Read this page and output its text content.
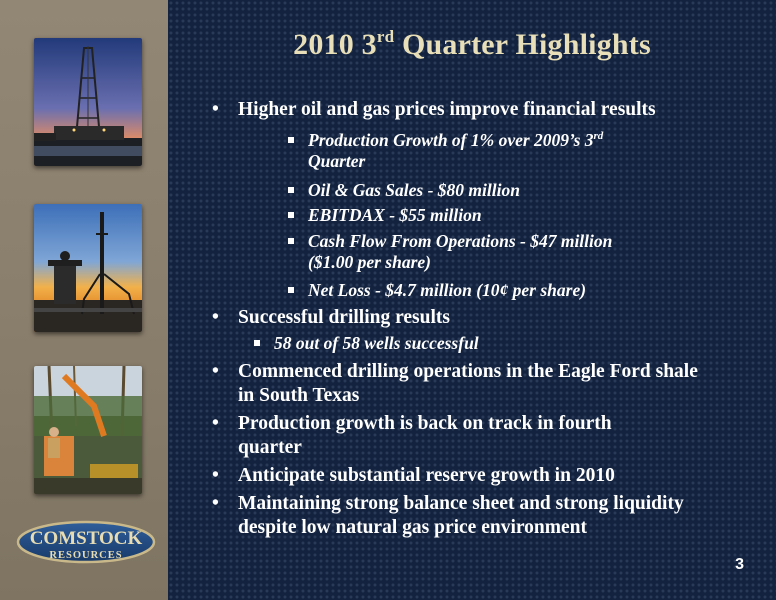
COMSTOCK
RESOURCES
2010 3rd Quarter Highlights
• Higher oil and gas prices improve financial results
Production Growth of 1% over 2009’s 3rd
Quarter
Oil & Gas Sales - $80 million
EBITDAX - $55 million
Cash Flow From Operations - $47 million
($1.00 per share)
Net Loss - $4.7 million (10¢ per share)
• Successful drilling results
58 out of 58 wells successful
• Commenced drilling operations in the Eagle Ford shale in South Texas
• Production growth is back on track in fourth quarter
• Anticipate substantial reserve growth in 2010
• Maintaining strong balance sheet and strong liquidity despite low natural gas price environment
3
